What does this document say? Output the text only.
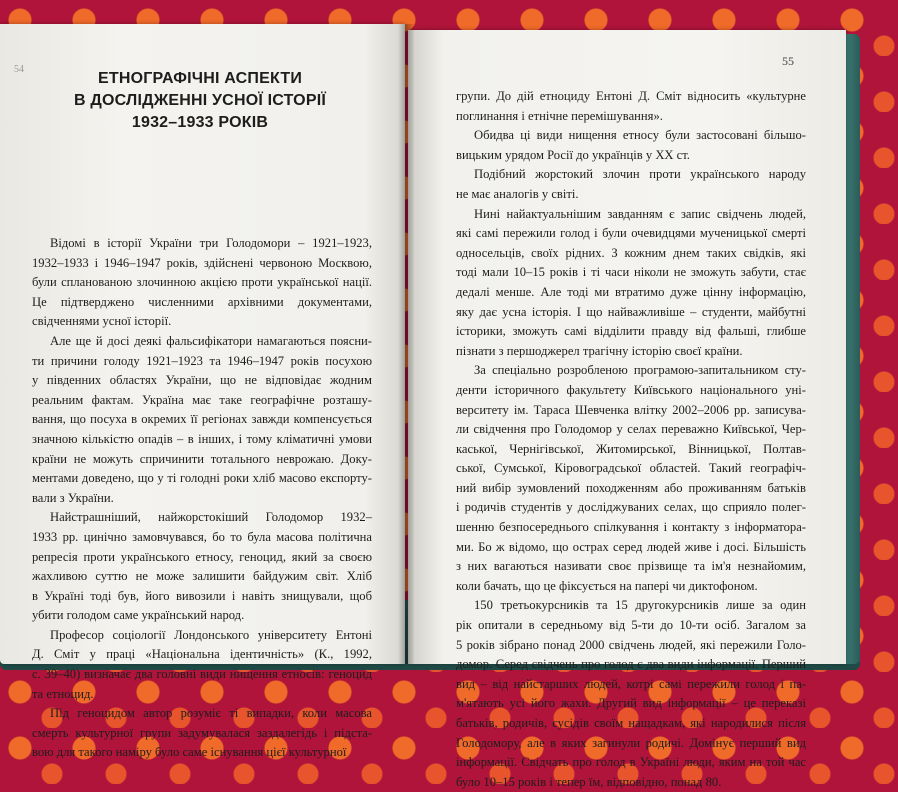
54
ЕТНОГРАФІЧНІ АСПЕКТИ
В ДОСЛІДЖЕННІ УСНОЇ ІСТОРІЇ
1932–1933 РОКІВ
Відомі в історії України три Голодомори – 1921–1923,
1932–1933 і 1946–1947 років, здійснені червоною Москвою,
були спланованою злочинною акцією проти української нації.
Це підтверджено численними архівними документами,
свідченнями усної історії.
Але ще й досі деякі фальсифікатори намагаються поясни-
ти причини голоду 1921–1923 та 1946–1947 років посухою
у південних областях України, що не відповідає жодним
реальним фактам. Україна має таке географічне розташу-
вання, що посуха в окремих її регіонах завжди компенсується
значною кількістю опадів – в інших, і тому кліматичні умови
країни не можуть спричинити тотального неврожаю. Доку-
ментами доведено, що у ті голодні роки хліб масово експорту-
вали з України.
Найстрашніший, найжорстокіший Голодомор 1932–
1933 рр. цинічно замовчувався, бо то була масова політична
репресія проти українського етносу, геноцид, який за своєю
жахливою суттю не може залишити байдужим світ. Хліб
в Україні тоді був, його вивозили і навіть знищували, щоб
убити голодом саме український народ.
Професор соціології Лондонського університету Ентоні
Д. Сміт у праці «Національна ідентичність» (К., 1992,
с. 39–40) визначає два головні види нищення етносів: геноцид
та етноцид.
Під геноцидом автор розуміє ті випадки, коли масова
смерть культурної групи задумувалася заздалегідь і підста-
вою для такого наміру було саме існування цієї культурної
55
групи. До дій етноциду Ентоні Д. Сміт відносить «культурне
поглинання і етнічне перемішування».
Обидва ці види нищення етносу були застосовані більшо-
вицьким урядом Росії до українців у XX ст.
Подібний жорстокий злочин проти українського народу
не має аналогів у світі.
Нині найактуальнішим завданням є запис свідчень людей,
які самі пережили голод і були очевидцями мученицької смерті
односельців, своїх рідних. З кожним днем таких свідків, які
тоді мали 10–15 років і ті часи ніколи не зможуть забути, стає
дедалі менше. Але тоді ми втратимо дуже цінну інформацію,
яку дає усна історія. І що найважливіше – студенти, майбутні
історики, зможуть самі відділити правду від фальші, глибше
пізнати з першоджерел трагічну історію своєї країни.
За спеціально розробленою програмою-запитальником сту-
денти історичного факультету Київського національного уні-
верситету ім. Тараса Шевченка влітку 2002–2006 рр. записува-
ли свідчення про Голодомор у селах переважно Київської, Чер-
каської, Чернігівської, Житомирської, Вінницької, Полтав-
ської, Сумської, Кіровоградської областей. Такий географіч-
ний вибір зумовлений походженням або проживанням батьків
і родичів студентів у досліджуваних селах, що сприяло полег-
шенню безпосереднього спілкування і контакту з інформатора-
ми. Бо ж відомо, що острах серед людей живе і досі. Більшість
з них вагаються називати своє прізвище та ім'я незнайомим,
коли бачать, що це фіксується на папері чи диктофоном.
150 третьокурсників та 15 другокурсників лише за один
рік опитали в середньому від 5-ти до 10-ти осіб. Загалом за
5 років зібрано понад 2000 свідчень людей, які пережили Голо-
домор. Серед свідчень про голод є два види інформації. Перший
вид – від найстарших людей, котрі самі пережили голод і па-
м'ятають усі його жахи. Другий вид інформації – це переказі
батьків, родичів, сусідів своїм нащадкам, які народилися після
Голодомору, але в яких загинули родичі. Домінує перший вид
інформації. Свідчать про голод в Україні люди, яким на той час
було 10–15 років і тепер їм, відповідно, понад 80.
